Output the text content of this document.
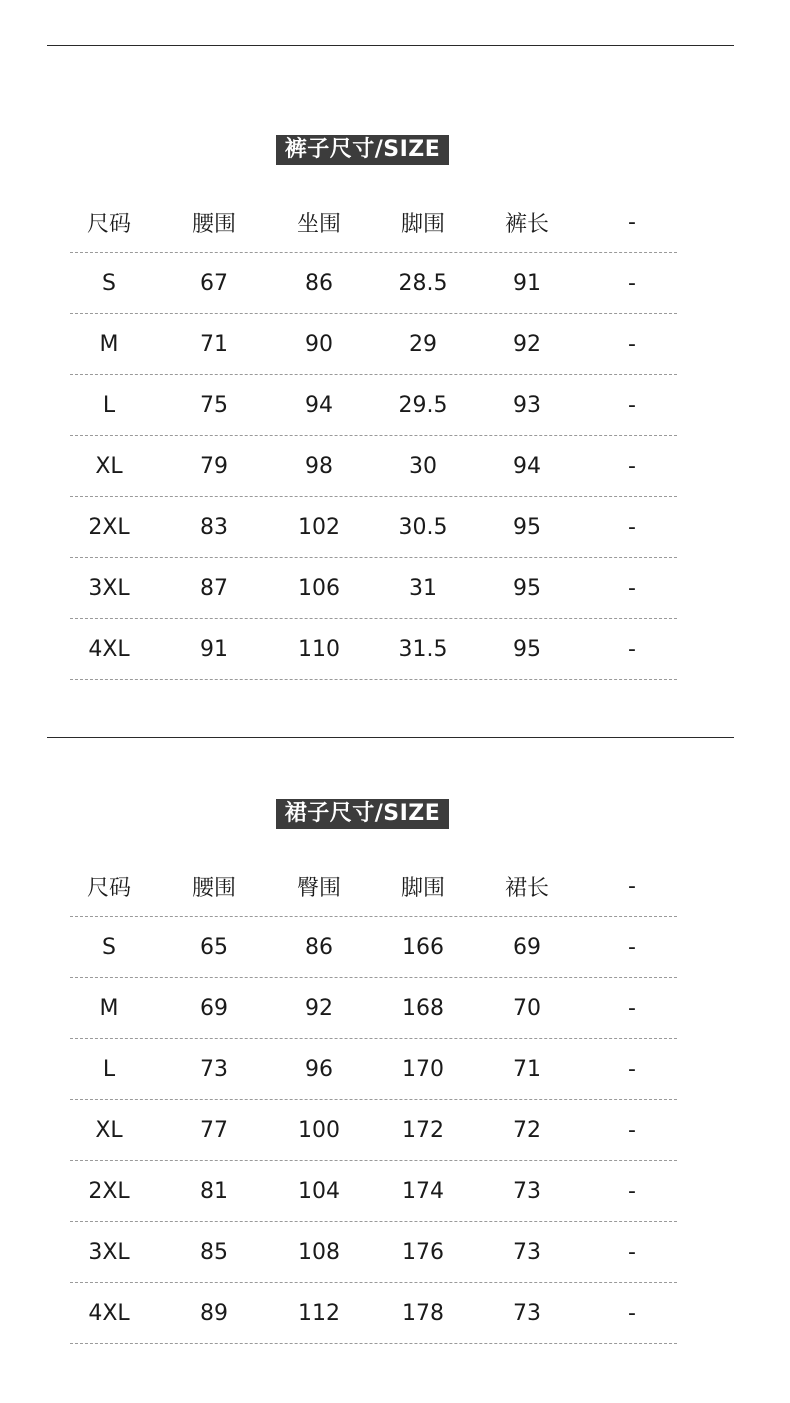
裤子尺寸/SIZE
尺码	腰围	坐围	脚围	裤长	-
S	67	86	28.5	91	-
M	71	90	29	92	-
L	75	94	29.5	93	-
XL	79	98	30	94	-
2XL	83	102	30.5	95	-
3XL	87	106	31	95	-
4XL	91	110	31.5	95	-
裙子尺寸/SIZE
尺码	腰围	臀围	脚围	裙长	-
S	65	86	166	69	-
M	69	92	168	70	-
L	73	96	170	71	-
XL	77	100	172	72	-
2XL	81	104	174	73	-
3XL	85	108	176	73	-
4XL	89	112	178	73	-
